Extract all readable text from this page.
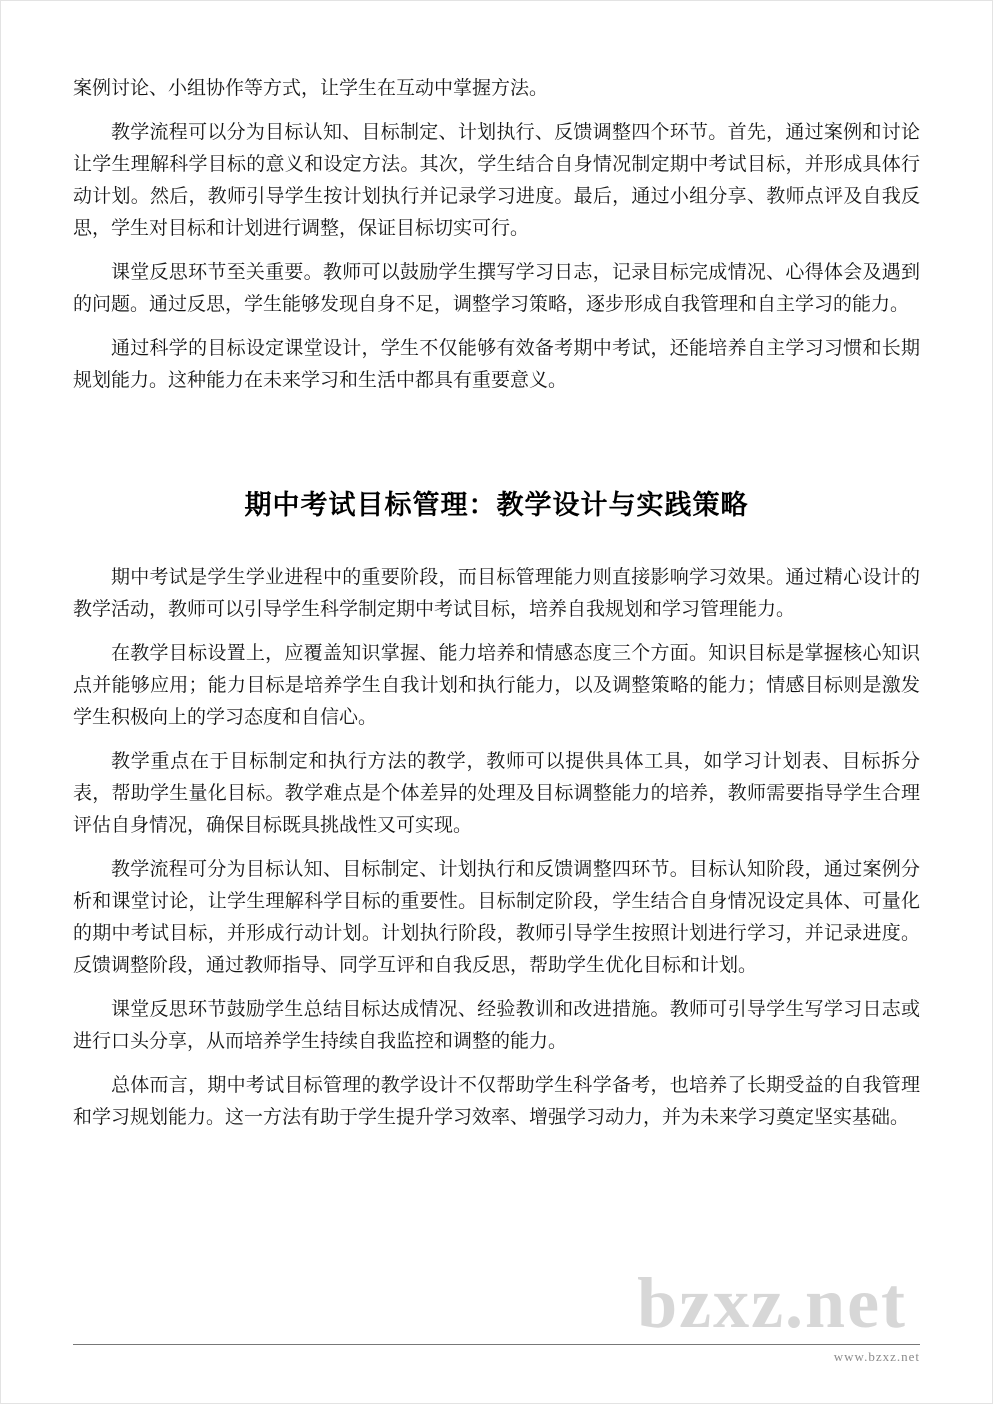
案例讨论、小组协作等方式，让学生在互动中掌握方法。

教学流程可以分为目标认知、目标制定、计划执行、反馈调整四个环节。首先，通过案例和讨论让学生理解科学目标的意义和设定方法。其次，学生结合自身情况制定期中考试目标，并形成具体行动计划。然后，教师引导学生按计划执行并记录学习进度。最后，通过小组分享、教师点评及自我反思，学生对目标和计划进行调整，保证目标切实可行。

课堂反思环节至关重要。教师可以鼓励学生撰写学习日志，记录目标完成情况、心得体会及遇到的问题。通过反思，学生能够发现自身不足，调整学习策略，逐步形成自我管理和自主学习的能力。

通过科学的目标设定课堂设计，学生不仅能够有效备考期中考试，还能培养自主学习习惯和长期规划能力。这种能力在未来学习和生活中都具有重要意义。

期中考试目标管理：教学设计与实践策略

期中考试是学生学业进程中的重要阶段，而目标管理能力则直接影响学习效果。通过精心设计的教学活动，教师可以引导学生科学制定期中考试目标，培养自我规划和学习管理能力。

在教学目标设置上，应覆盖知识掌握、能力培养和情感态度三个方面。知识目标是掌握核心知识点并能够应用；能力目标是培养学生自我计划和执行能力，以及调整策略的能力；情感目标则是激发学生积极向上的学习态度和自信心。

教学重点在于目标制定和执行方法的教学，教师可以提供具体工具，如学习计划表、目标拆分表，帮助学生量化目标。教学难点是个体差异的处理及目标调整能力的培养，教师需要指导学生合理评估自身情况，确保目标既具挑战性又可实现。

教学流程可分为目标认知、目标制定、计划执行和反馈调整四环节。目标认知阶段，通过案例分析和课堂讨论，让学生理解科学目标的重要性。目标制定阶段，学生结合自身情况设定具体、可量化的期中考试目标，并形成行动计划。计划执行阶段，教师引导学生按照计划进行学习，并记录进度。反馈调整阶段，通过教师指导、同学互评和自我反思，帮助学生优化目标和计划。

课堂反思环节鼓励学生总结目标达成情况、经验教训和改进措施。教师可引导学生写学习日志或进行口头分享，从而培养学生持续自我监控和调整的能力。

总体而言，期中考试目标管理的教学设计不仅帮助学生科学备考，也培养了长期受益的自我管理和学习规划能力。这一方法有助于学生提升学习效率、增强学习动力，并为未来学习奠定坚实基础。

bzxz.net
www.bzxz.net
